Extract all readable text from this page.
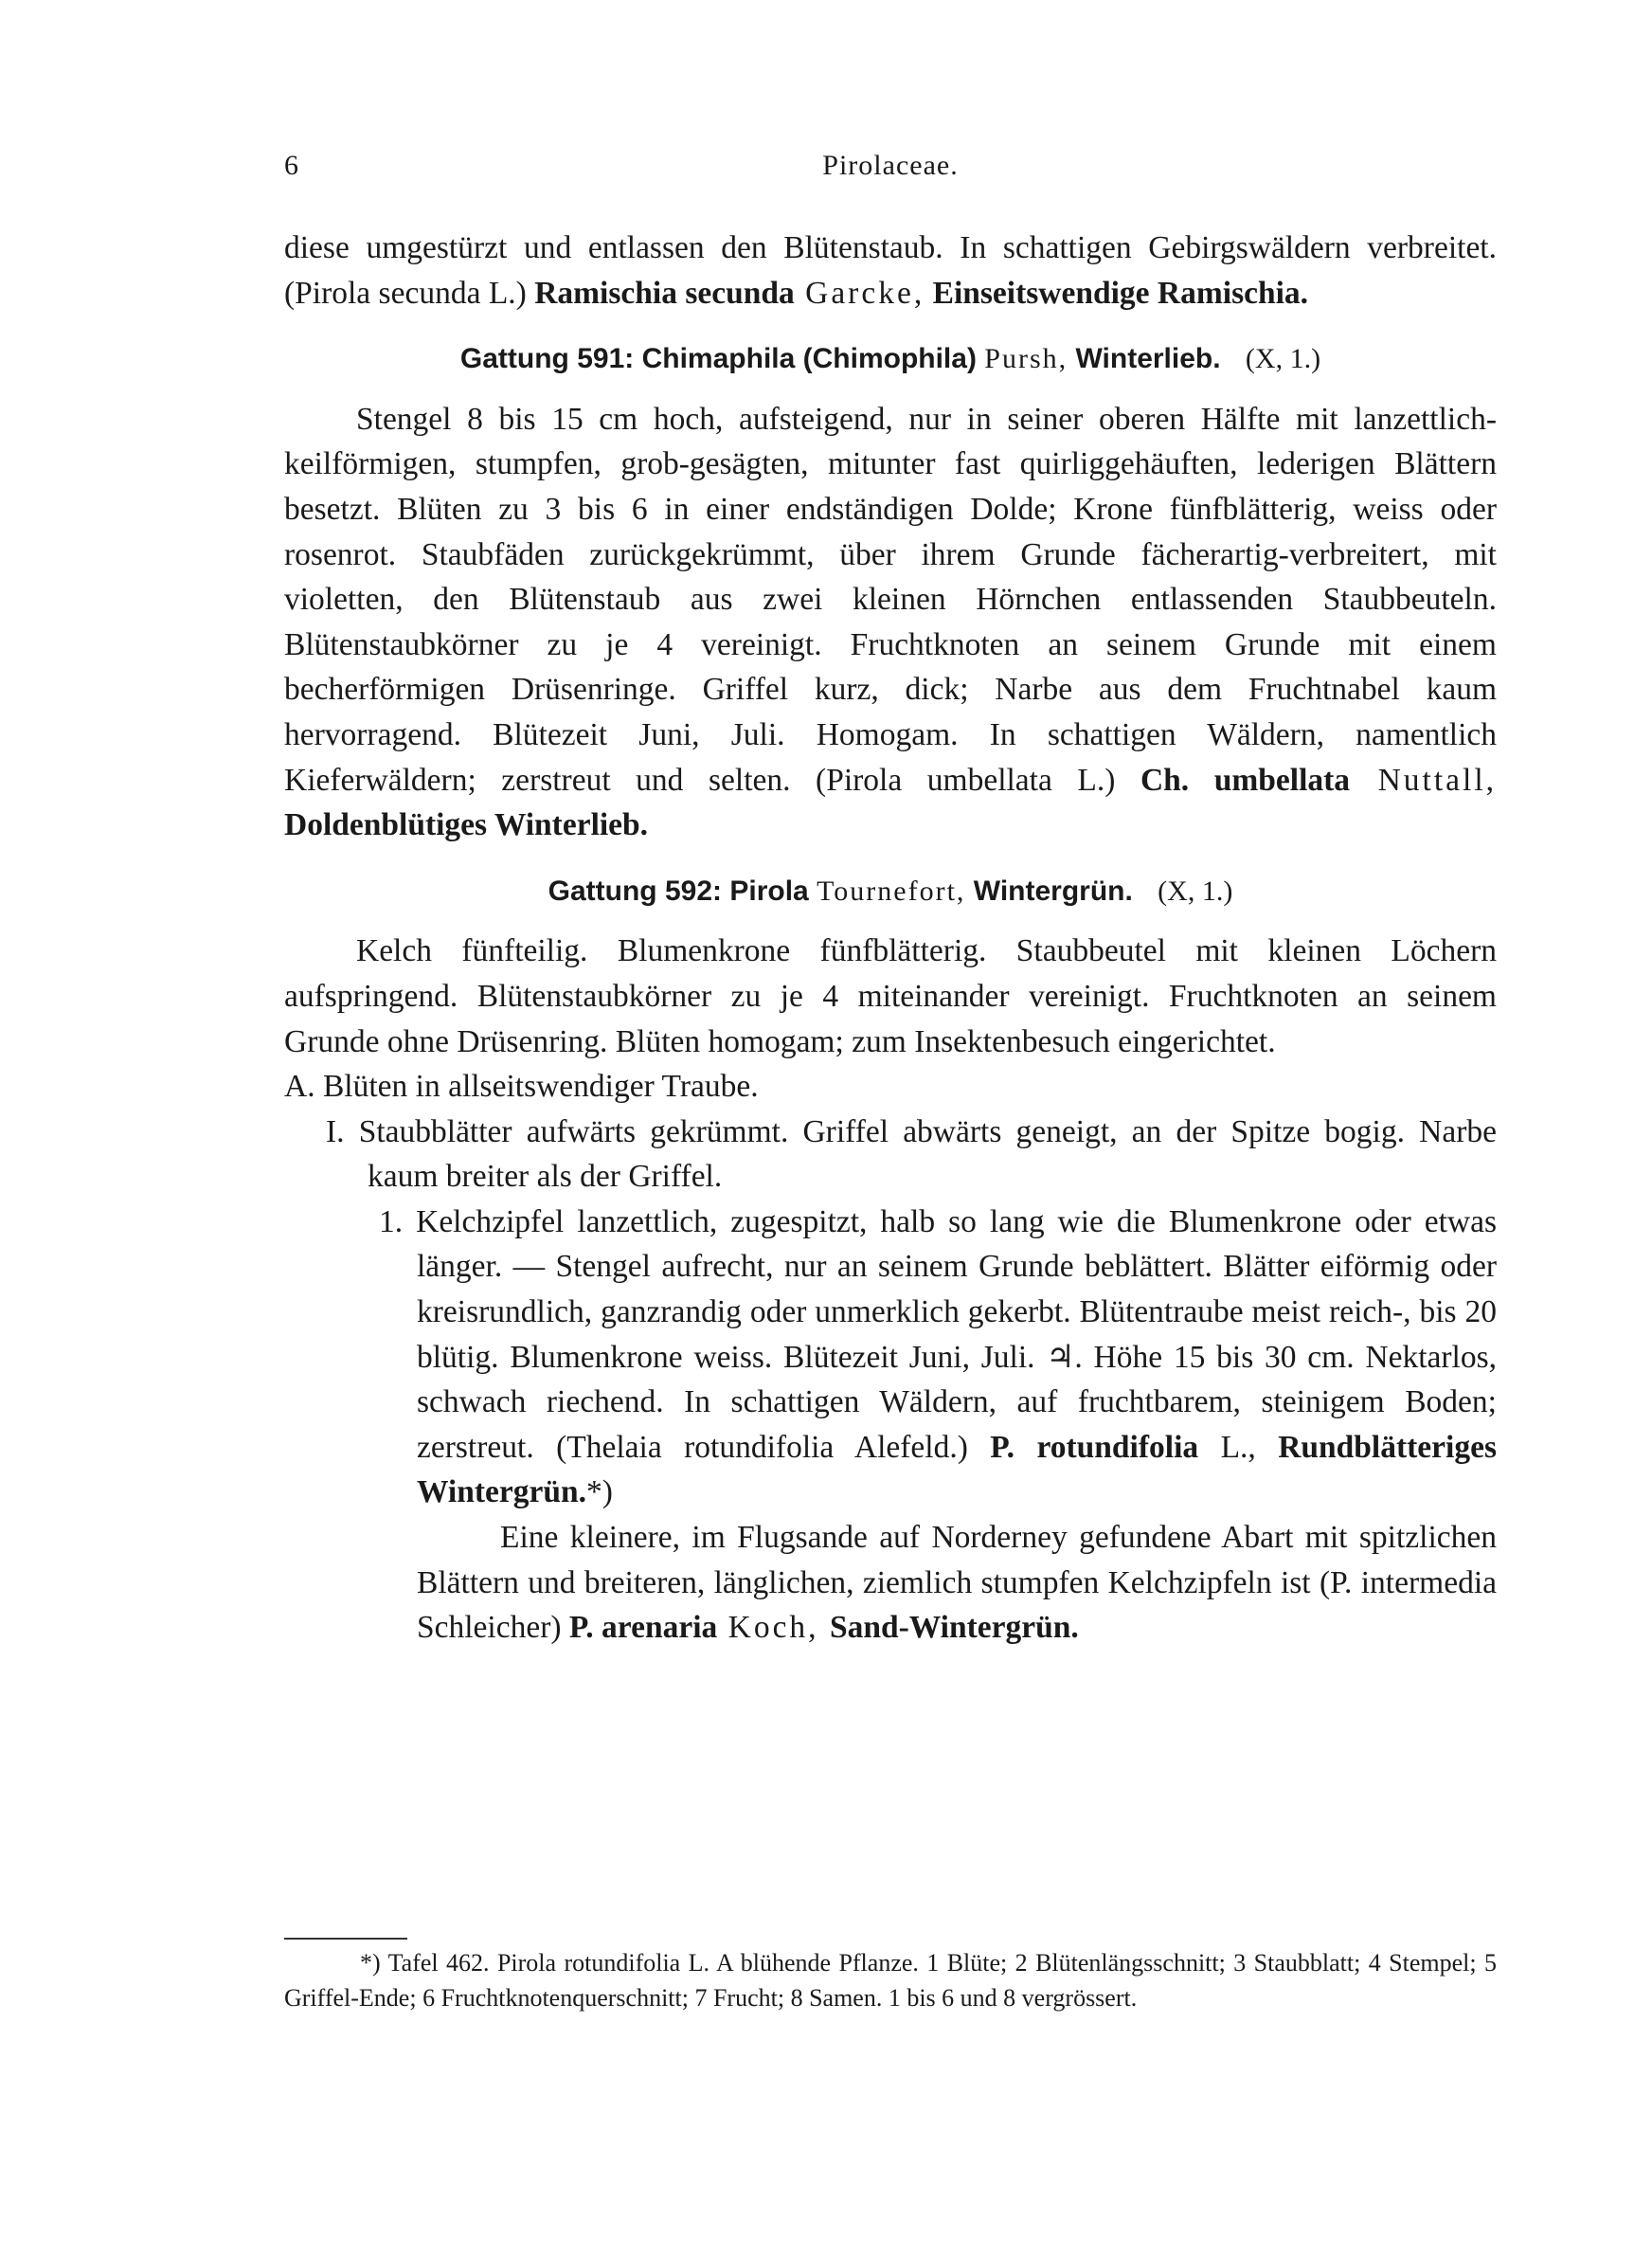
6	Pirolaceae.

diese umgestürzt und entlassen den Blütenstaub. In schattigen Gebirgswäldern verbreitet. (Pirola secunda L.) Ramischia secunda Garcke, Einseitswendige Ramischia.

Gattung 591: Chimaphila (Chimophila) Pursh, Winterlieb. (X, 1.)

Stengel 8 bis 15 cm hoch, aufsteigend, nur in seiner oberen Hälfte mit lanzettlich-keilförmigen, stumpfen, grob-gesägten, mitunter fast quirliggehäuften, lederigen Blättern besetzt. Blüten zu 3 bis 6 in einer endständigen Dolde; Krone fünfblätterig, weiss oder rosenrot. Staubfäden zurückgekrümmt, über ihrem Grunde fächerartig-verbreitert, mit violetten, den Blütenstaub aus zwei kleinen Hörnchen entlassenden Staubbeuteln. Blütenstaubkörner zu je 4 vereinigt. Fruchtknoten an seinem Grunde mit einem becherförmigen Drüsenringe. Griffel kurz, dick; Narbe aus dem Fruchtnabel kaum hervorragend. Blütezeit Juni, Juli. Homogam. In schattigen Wäldern, namentlich Kieferwäldern; zerstreut und selten. (Pirola umbellata L.) Ch. umbellata Nuttall, Doldenblütiges Winterlieb.

Gattung 592: Pirola Tournefort, Wintergrün. (X, 1.)

Kelch fünfteilig. Blumenkrone fünfblätterig. Staubbeutel mit kleinen Löchern aufspringend. Blütenstaubkörner zu je 4 miteinander vereinigt. Fruchtknoten an seinem Grunde ohne Drüsenring. Blüten homogam; zum Insektenbesuch eingerichtet.

A. Blüten in allseitswendiger Traube.

I. Staubblätter aufwärts gekrümmt. Griffel abwärts geneigt, an der Spitze bogig. Narbe kaum breiter als der Griffel.

1. Kelchzipfel lanzettlich, zugespitzt, halb so lang wie die Blumenkrone oder etwas länger. — Stengel aufrecht, nur an seinem Grunde beblättert. Blätter eiförmig oder kreisrundlich, ganzrandig oder unmerklich gekerbt. Blütentraube meist reich-, bis 20 blütig. Blumenkrone weiss. Blütezeit Juni, Juli. ♃. Höhe 15 bis 30 cm. Nektarlos, schwach riechend. In schattigen Wäldern, auf fruchtbarem, steinigem Boden; zerstreut. (Thelaia rotundifolia Alefeld.) P. rotundifolia L., Rundblätteriges Wintergrün.*)

Eine kleinere, im Flugsande auf Norderney gefundene Abart mit spitzlichen Blättern und breiteren, länglichen, ziemlich stumpfen Kelchzipfeln ist (P. intermedia Schleicher) P. arenaria Koch, Sand-Wintergrün.

*) Tafel 462. Pirola rotundifolia L. A blühende Pflanze. 1 Blüte; 2 Blütenlängsschnitt; 3 Staubblatt; 4 Stempel; 5 Griffel-Ende; 6 Fruchtknotenquerschnitt; 7 Frucht; 8 Samen. 1 bis 6 und 8 vergrössert.
